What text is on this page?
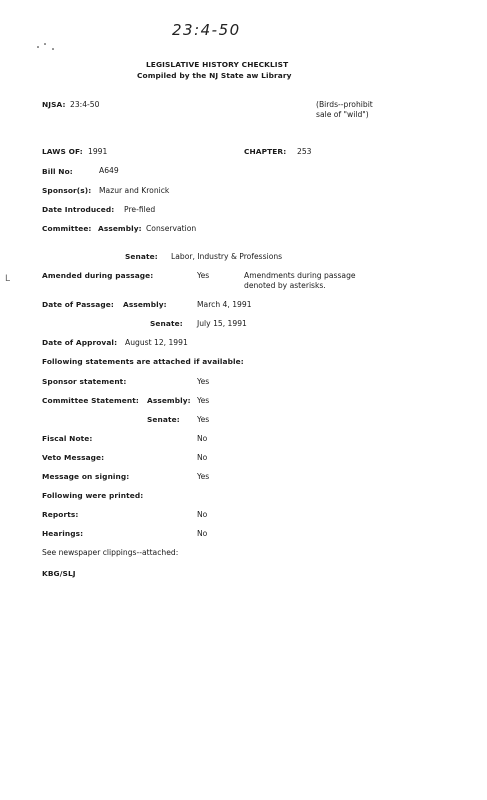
ᒪ
23:4-50
LEGISLATIVE HISTORY CHECKLIST
Compiled by the NJ State aw Library
NJSA: 23:4-50	(Birds--prohibit
sale of "wild")
LAWS OF: 1991	CHAPTER: 253
Bill No:	A649
Sponsor(s): Mazur and Kronick
Date Introduced: Pre-filed
Committee: Assembly: Conservation
Senate: Labor, Industry & Professions
Amended during passage:	Yes	Amendments during passage
denoted by asterisks.
Date of Passage: Assembly:	March 4, 1991
Senate: July 15, 1991
Date of Approval: August 12, 1991
Following statements are attached if available:
Sponsor statement:	Yes
Committee Statement: Assembly: Yes
Senate: Yes
Fiscal Note:	No
Veto Message:	No
Message on signing:	Yes
Following were printed:
Reports:	No
Hearings:	No
See newspaper clippings--attached:
KBG/SLJ
